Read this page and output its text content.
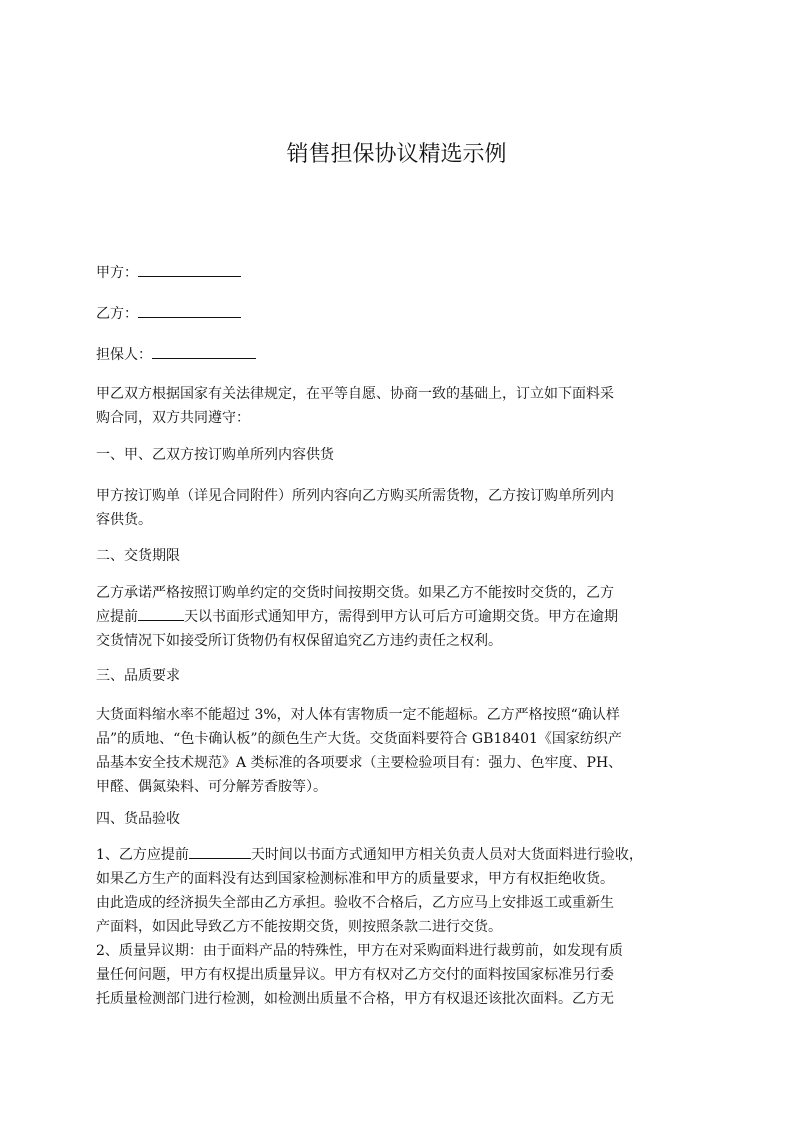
销售担保协议精选示例
甲方：
乙方：
担保人：
甲乙双方根据国家有关法律规定，在平等自愿、协商一致的基础上，订立如下面料采
购合同，双方共同遵守：
一、甲、乙双方按订购单所列内容供货
甲方按订购单（详见合同附件）所列内容向乙方购买所需货物，乙方按订购单所列内
容供货。
二、交货期限
乙方承诺严格按照订购单约定的交货时间按期交货。如果乙方不能按时交货的，乙方
应提前	天以书面形式通知甲方，需得到甲方认可后方可逾期交货。甲方在逾期
交货情况下如接受所订货物仍有权保留追究乙方违约责任之权利。
三、品质要求
大货面料缩水率不能超过 3%，对人体有害物质一定不能超标。乙方严格按照“确认样
品”的质地、“色卡确认板”的颜色生产大货。交货面料要符合 GB18401《国家纺织产
品基本安全技术规范》A 类标准的各项要求（主要检验项目有：强力、色牢度、PH、
甲醛、偶氮染料、可分解芳香胺等）。
四、货品验收
1、乙方应提前	天时间以书面方式通知甲方相关负责人员对大货面料进行验收，
如果乙方生产的面料没有达到国家检测标准和甲方的质量要求，甲方有权拒绝收货。
由此造成的经济损失全部由乙方承担。验收不合格后，乙方应马上安排返工或重新生
产面料，如因此导致乙方不能按期交货，则按照条款二进行交货。
2、质量异议期：由于面料产品的特殊性，甲方在对采购面料进行裁剪前，如发现有质
量任何问题，甲方有权提出质量异议。甲方有权对乙方交付的面料按国家标准另行委
托质量检测部门进行检测，如检测出质量不合格，甲方有权退还该批次面料。乙方无
